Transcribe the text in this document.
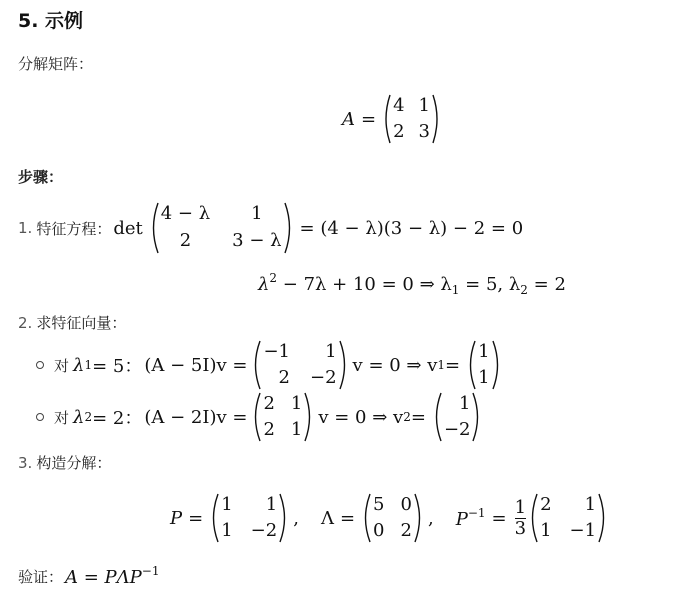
5. 示例
分解矩阵：
A =
4 1
2 3
步骤：
1. 特征方程： det
4 − λ	1
2	3 − λ
= (4 − λ)(3 − λ) − 2 = 0
$\lambda^2 - 7\lambda + 10 = 0$ ⇒ $\lambda_1 = 5$, $\lambda_2 = 2$
2. 求特征向量：
对 λ 1 = 5： (A − 5I)v =
−1	1
2 −2
v = 0 ⇒ v 1 =
1
1
对 λ 2 = 2： (A − 2I)v =
2 1
2 1
v = 0 ⇒ v 2 =
1
−2
3. 构造分解：
P =
1	1
1 −2
, Λ =
5 0
0 2
, $P^{-1} = \frac{1}{3} 2$	1
1 −1
验证： $A = P\Lambda P^{-1}$
